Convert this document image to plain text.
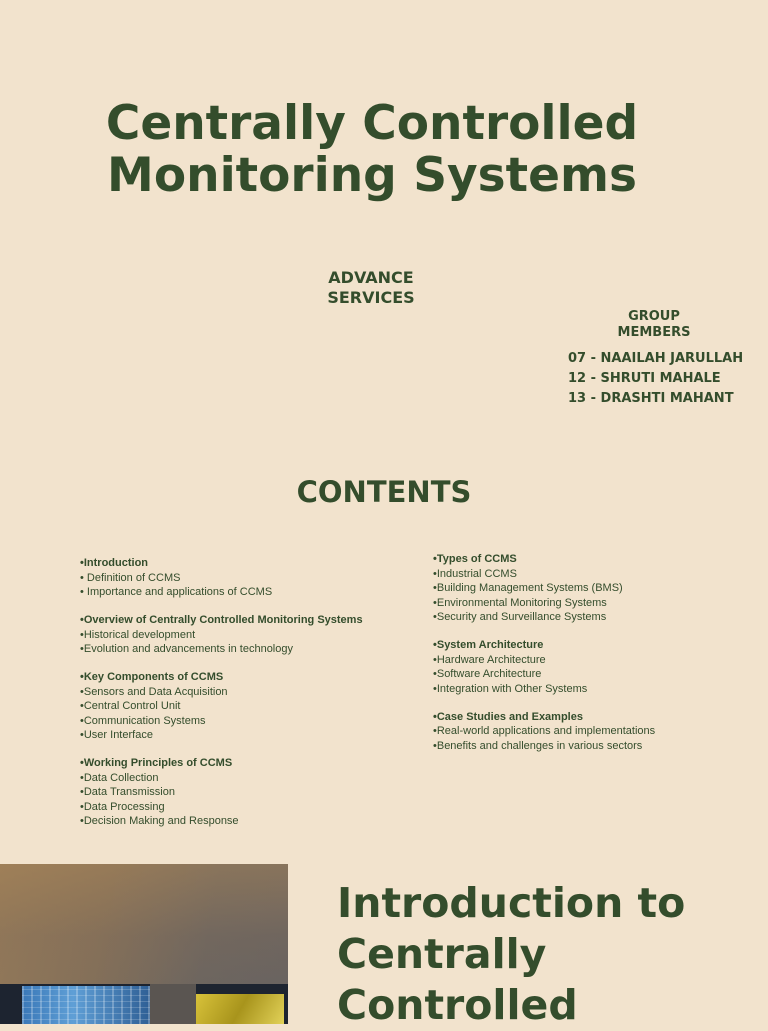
Centrally Controlled
Monitoring Systems
ADVANCE
SERVICES
GROUP MEMBERS
07 - NAAILAH JARULLAH
12 - SHRUTI MAHALE
13 - DRASHTI MAHANT
CONTENTS
•Introduction
• Definition of CCMS
• Importance and applications of CCMS
•Overview of Centrally Controlled Monitoring Systems
•Historical development
•Evolution and advancements in technology
•Key Components of CCMS
•Sensors and Data Acquisition
•Central Control Unit
•Communication Systems
•User Interface
•Working Principles of CCMS
•Data Collection
•Data Transmission
•Data Processing
•Decision Making and Response
•Types of CCMS
•Industrial CCMS
•Building Management Systems (BMS)
•Environmental Monitoring Systems
•Security and Surveillance Systems
•System Architecture
•Hardware Architecture
•Software Architecture
•Integration with Other Systems
•Case Studies and Examples
•Real-world applications and implementations
•Benefits and challenges in various sectors
Introduction to
Centrally
Controlled
